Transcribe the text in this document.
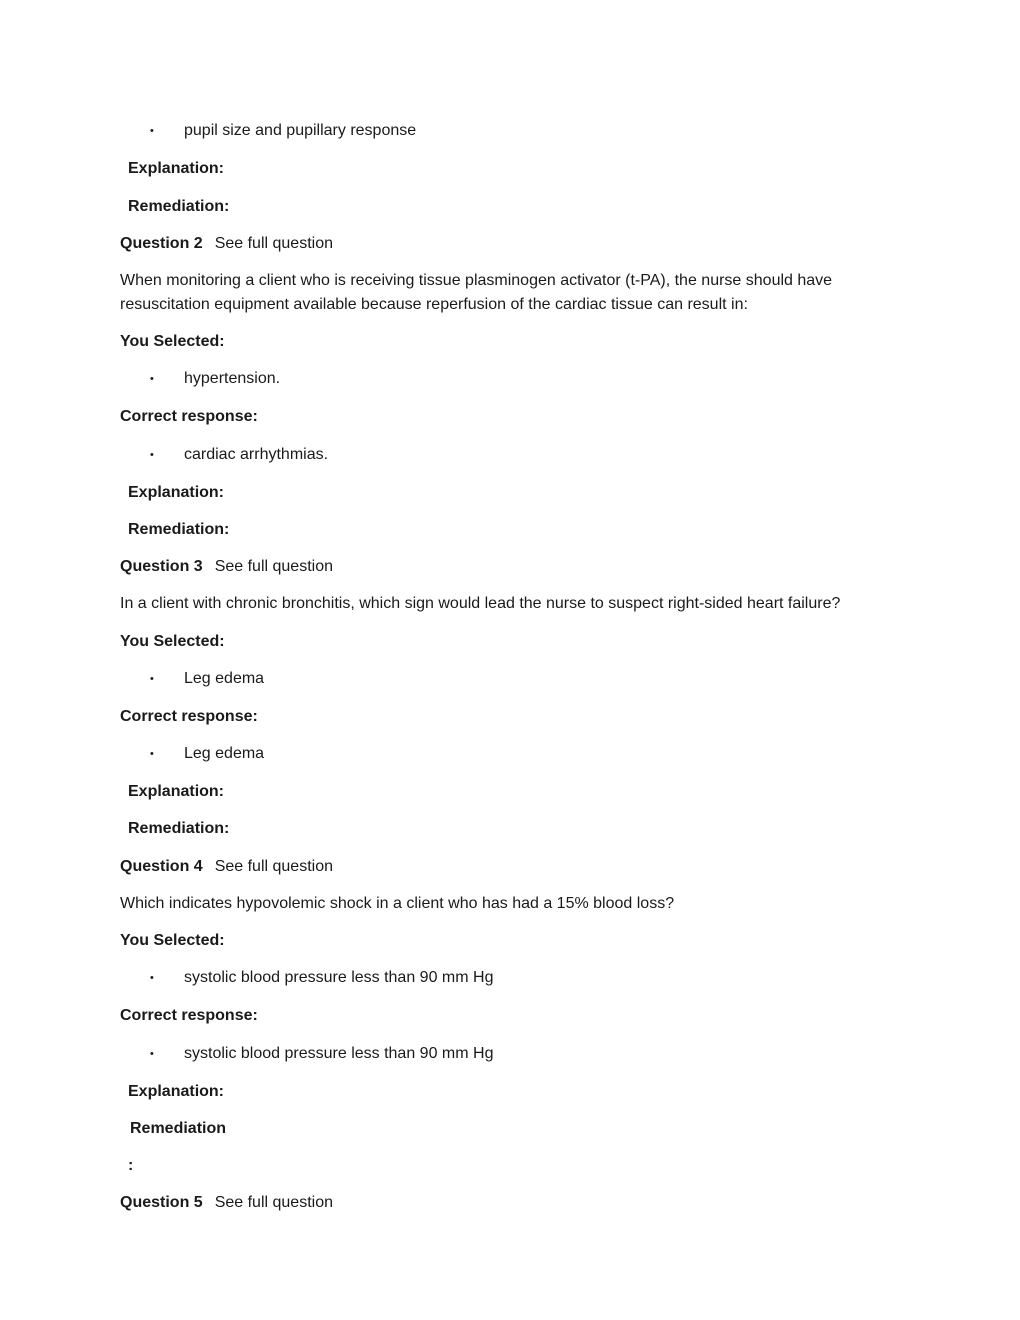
• pupil size and pupillary response
Explanation:
Remediation:
Question 2 See full question
When monitoring a client who is receiving tissue plasminogen activator (t-PA), the nurse should have resuscitation equipment available because reperfusion of the cardiac tissue can result in:
You Selected:
• hypertension.
Correct response:
• cardiac arrhythmias.
Explanation:
Remediation:
Question 3 See full question
In a client with chronic bronchitis, which sign would lead the nurse to suspect right-sided heart failure?
You Selected:
• Leg edema
Correct response:
• Leg edema
Explanation:
Remediation:
Question 4 See full question
Which indicates hypovolemic shock in a client who has had a 15% blood loss?
You Selected:
• systolic blood pressure less than 90 mm Hg
Correct response:
• systolic blood pressure less than 90 mm Hg
Explanation:
Remediation
:
Question 5 See full question
